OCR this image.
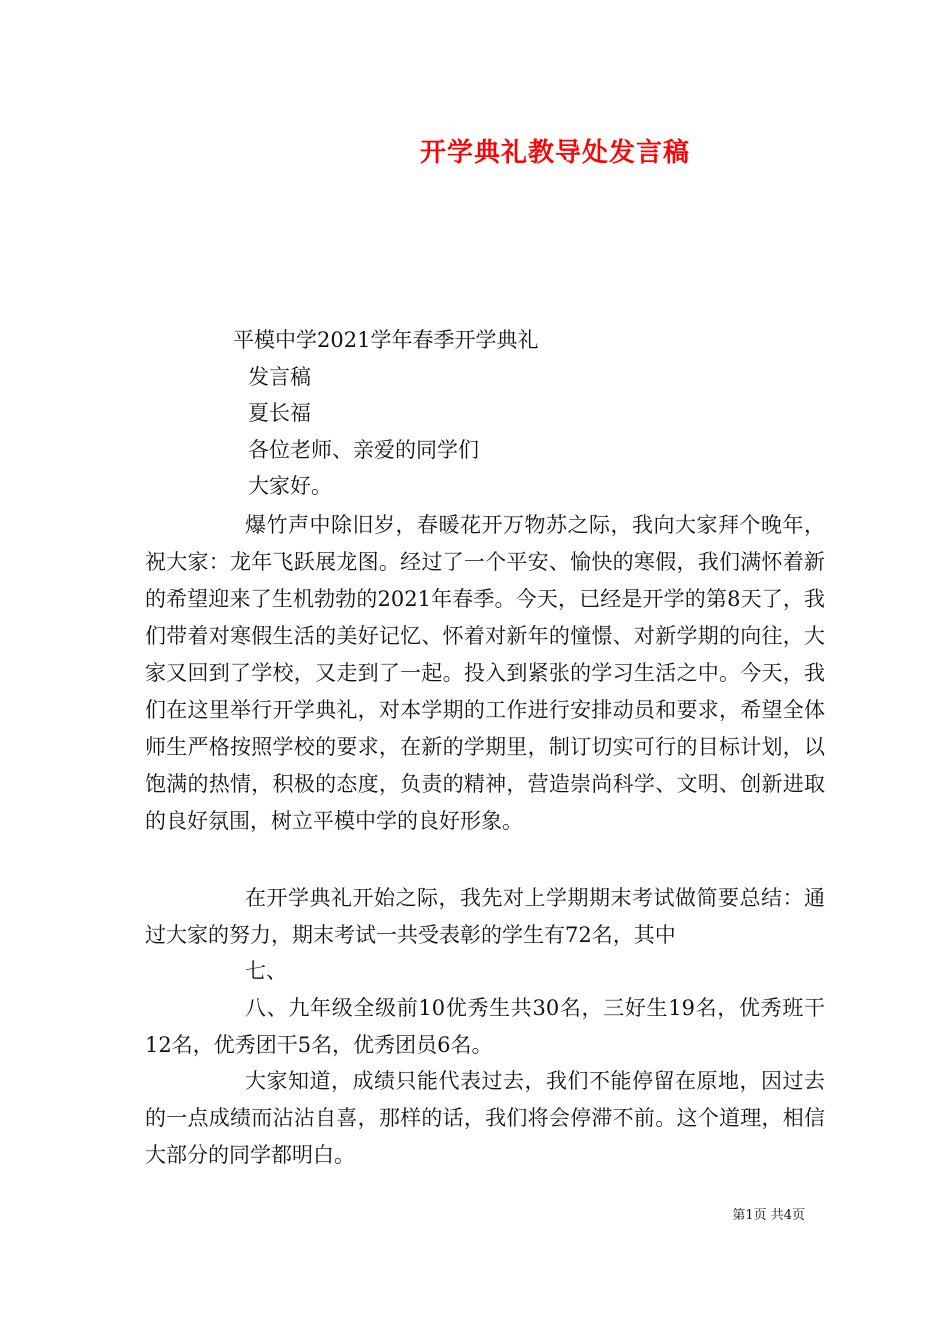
开学典礼教导处发言稿
平模中学2021学年春季开学典礼
发言稿
夏长福
各位老师、亲爱的同学们
大家好。

爆竹声中除旧岁，春暖花开万物苏之际，我向大家拜个晚年，祝大家：龙年飞跃展龙图。经过了一个平安、愉快的寒假，我们满怀着新的希望迎来了生机勃勃的2021年春季。今天，已经是开学的第8天了，我们带着对寒假生活的美好记忆、怀着对新年的憧憬、对新学期的向往，大家又回到了学校，又走到了一起。投入到紧张的学习生活之中。今天，我们在这里举行开学典礼，对本学期的工作进行安排动员和要求，希望全体师生严格按照学校的要求，在新的学期里，制订切实可行的目标计划，以饱满的热情，积极的态度，负责的精神，营造崇尚科学、文明、创新进取的良好氛围，树立平模中学的良好形象。

在开学典礼开始之际，我先对上学期期末考试做简要总结：通过大家的努力，期末考试一共受表彰的学生有72名，其中

七、

八、九年级全级前10优秀生共30名，三好生19名，优秀班干12名，优秀团干5名，优秀团员6名。

大家知道，成绩只能代表过去，我们不能停留在原地，因过去的一点成绩而沾沾自喜，那样的话，我们将会停滞不前。这个道理，相信大部分的同学都明白。

第1页 共4页
